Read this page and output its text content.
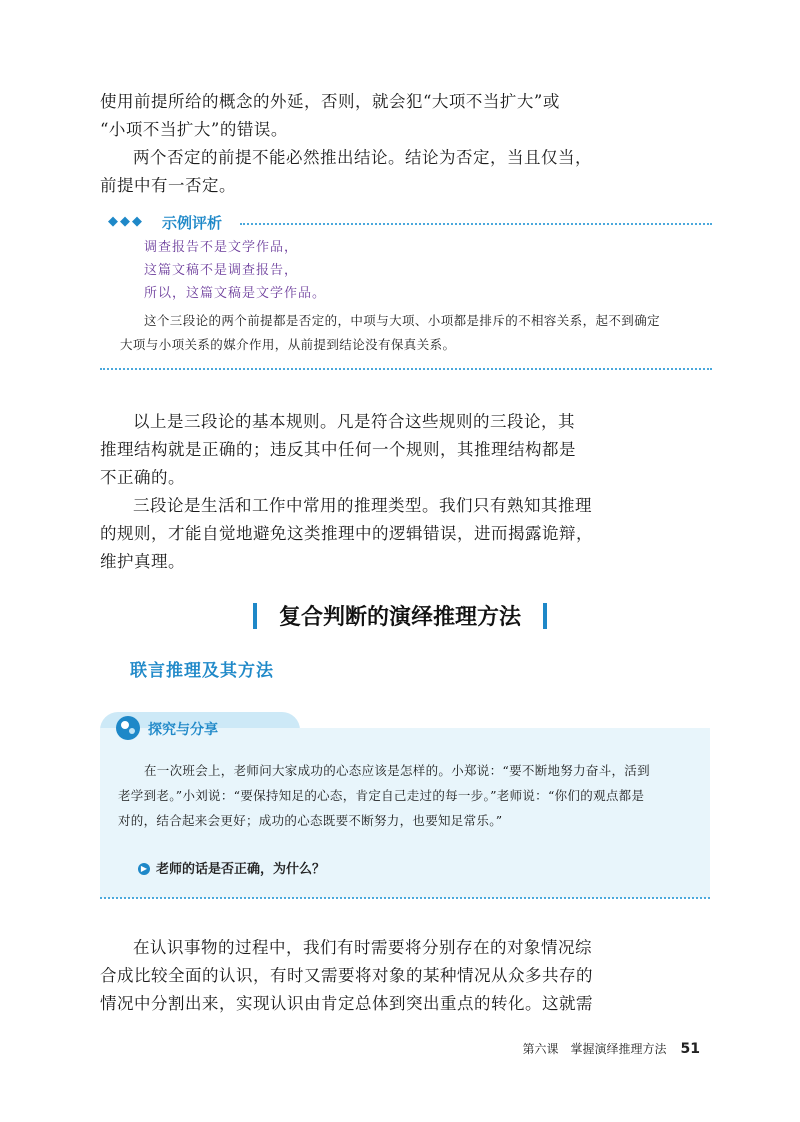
使用前提所给的概念的外延，否则，就会犯“大项不当扩大”或
“小项不当扩大”的错误。
两个否定的前提不能必然推出结论。结论为否定，当且仅当，
前提中有一否定。

◆◆◆ 示例评析

调查报告不是文学作品，

这篇文稿不是调查报告，

所以，这篇文稿是文学作品。

这个三段论的两个前提都是否定的，中项与大项、小项都是排斥的不相容关系，起不到确定
大项与小项关系的媒介作用，从前提到结论没有保真关系。

以上是三段论的基本规则。凡是符合这些规则的三段论，其
推理结构就是正确的；违反其中任何一个规则，其推理结构都是
不正确的。
三段论是生活和工作中常用的推理类型。我们只有熟知其推理
的规则，才能自觉地避免这类推理中的逻辑错误，进而揭露诡辩，
维护真理。

复合判断的演绎推理方法
联言推理及其方法
探究与分享

在一次班会上，老师问大家成功的心态应该是怎样的。小郑说：“要不断地努力奋斗，活到
老学到老。”小刘说：“要保持知足的心态，肯定自己走过的每一步。”老师说：“你们的观点都是
对的，结合起来会更好；成功的心态既要不断努力，也要知足常乐。”

▶ 老师的话是否正确，为什么？

在认识事物的过程中，我们有时需要将分别存在的对象情况综
合成比较全面的认识，有时又需要将对象的某种情况从众多共存的
情况中分割出来，实现认识由肯定总体到突出重点的转化。这就需

第六课　掌握演绎推理方法 51
